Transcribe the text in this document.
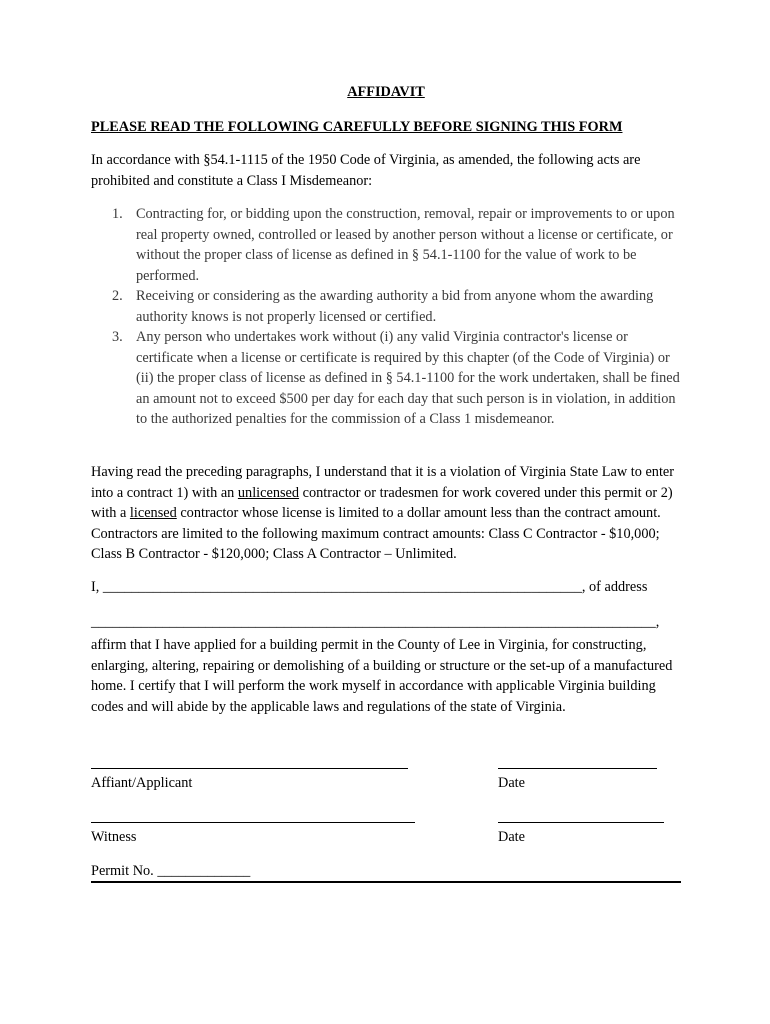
AFFIDAVIT
PLEASE READ THE FOLLOWING CAREFULLY BEFORE SIGNING THIS FORM

In accordance with §54.1-1115 of the 1950 Code of Virginia, as amended, the following acts are prohibited and constitute a Class I Misdemeanor:

1. Contracting for, or bidding upon the construction, removal, repair or improvements to or upon real property owned, controlled or leased by another person without a license or certificate, or without the proper class of license as defined in § 54.1-1100 for the value of work to be performed.
2. Receiving or considering as the awarding authority a bid from anyone whom the awarding authority knows is not properly licensed or certified.
3. Any person who undertakes work without (i) any valid Virginia contractor's license or certificate when a license or certificate is required by this chapter (of the Code of Virginia) or (ii) the proper class of license as defined in § 54.1-1100 for the work undertaken, shall be fined an amount not to exceed $500 per day for each day that such person is in violation, in addition to the authorized penalties for the commission of a Class 1 misdemeanor.

Having read the preceding paragraphs, I understand that it is a violation of Virginia State Law to enter into a contract 1) with an unlicensed contractor or tradesmen for work covered under this permit or 2) with a licensed contractor whose license is limited to a dollar amount less than the contract amount. Contractors are limited to the following maximum contract amounts: Class C Contractor - $10,000; Class B Contractor - $120,000; Class A Contractor – Unlimited.

I, ___________________________________________________________________, of address
_______________________________________________________________________________,

affirm that I have applied for a building permit in the County of Lee in Virginia, for constructing, enlarging, altering, repairing or demolishing of a building or structure or the set-up of a manufactured home. I certify that I will perform the work myself in accordance with applicable Virginia building codes and will abide by the applicable laws and regulations of the state of Virginia.

Affiant/Applicant	Date
Witness	Date
Permit No. _____________
